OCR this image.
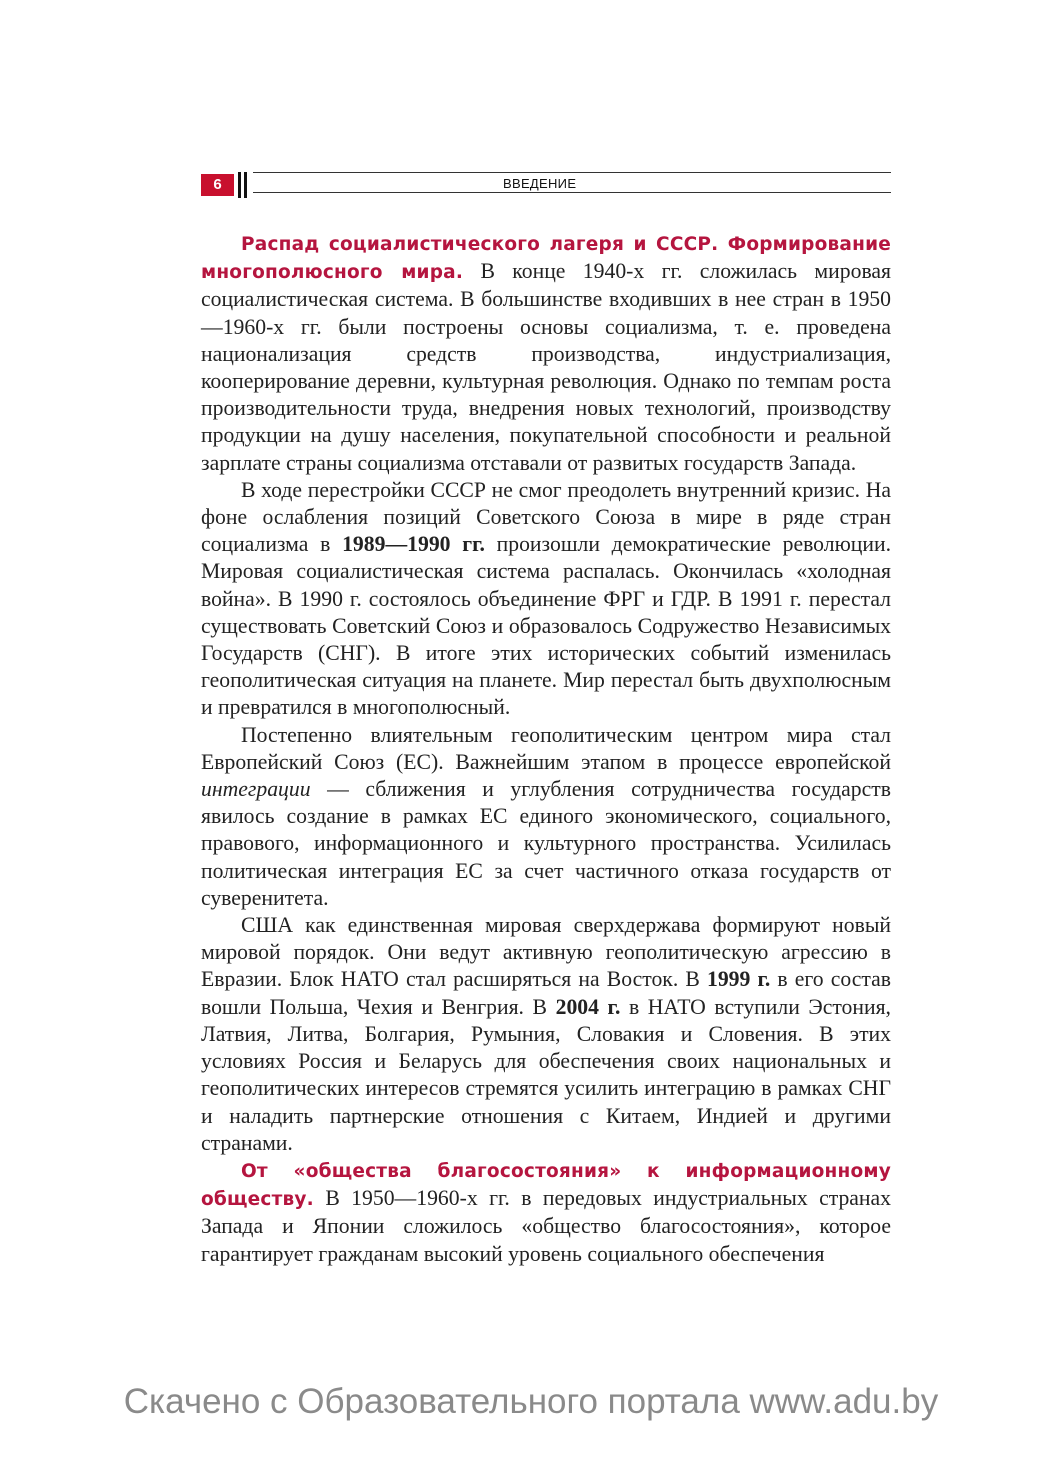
6	ВВЕДЕНИЕ

Распад социалистического лагеря и СССР. Формирование многополюсного мира. В конце 1940-х гг. сложилась мировая социалистическая система. В большинстве входивших в нее стран в 1950—1960-х гг. были построены основы социализма, т. е. проведена национализация средств производства, индустриализация, кооперирование деревни, культурная революция. Однако по темпам роста производительности труда, внедрения новых технологий, производству продукции на душу населения, покупательной способности и реальной зарплате страны социализма отставали от развитых государств Запада.

В ходе перестройки СССР не смог преодолеть внутренний кризис. На фоне ослабления позиций Советского Союза в мире в ряде стран социализма в 1989—1990 гг. произошли демократические революции. Мировая социалистическая система распалась. Окончилась «холодная война». В 1990 г. состоялось объединение ФРГ и ГДР. В 1991 г. перестал существовать Советский Союз и образовалось Содружество Независимых Государств (СНГ). В итоге этих исторических событий изменилась геополитическая ситуация на планете. Мир перестал быть двухполюсным и превратился в многополюсный.

Постепенно влиятельным геополитическим центром мира стал Европейский Союз (ЕС). Важнейшим этапом в процессе европейской интеграции — сближения и углубления сотрудничества государств явилось создание в рамках ЕС единого экономического, социального, правового, информационного и культурного пространства. Усилилась политическая интеграция ЕС за счет частичного отказа государств от суверенитета.

США как единственная мировая сверхдержава формируют новый мировой порядок. Они ведут активную геополитическую агрессию в Евразии. Блок НАТО стал расширяться на Восток. В 1999 г. в его состав вошли Польша, Чехия и Венгрия. В 2004 г. в НАТО вступили Эстония, Латвия, Литва, Болгария, Румыния, Словакия и Словения. В этих условиях Россия и Беларусь для обеспечения своих национальных и геополитических интересов стремятся усилить интеграцию в рамках СНГ и наладить партнерские отношения с Китаем, Индией и другими странами.

От «общества благосостояния» к информационному обществу. В 1950—1960-х гг. в передовых индустриальных странах Запада и Японии сложилось «общество благосостояния», которое гарантирует гражданам высокий уровень социального обеспечения

Скачено с Образовательного портала www.adu.by
